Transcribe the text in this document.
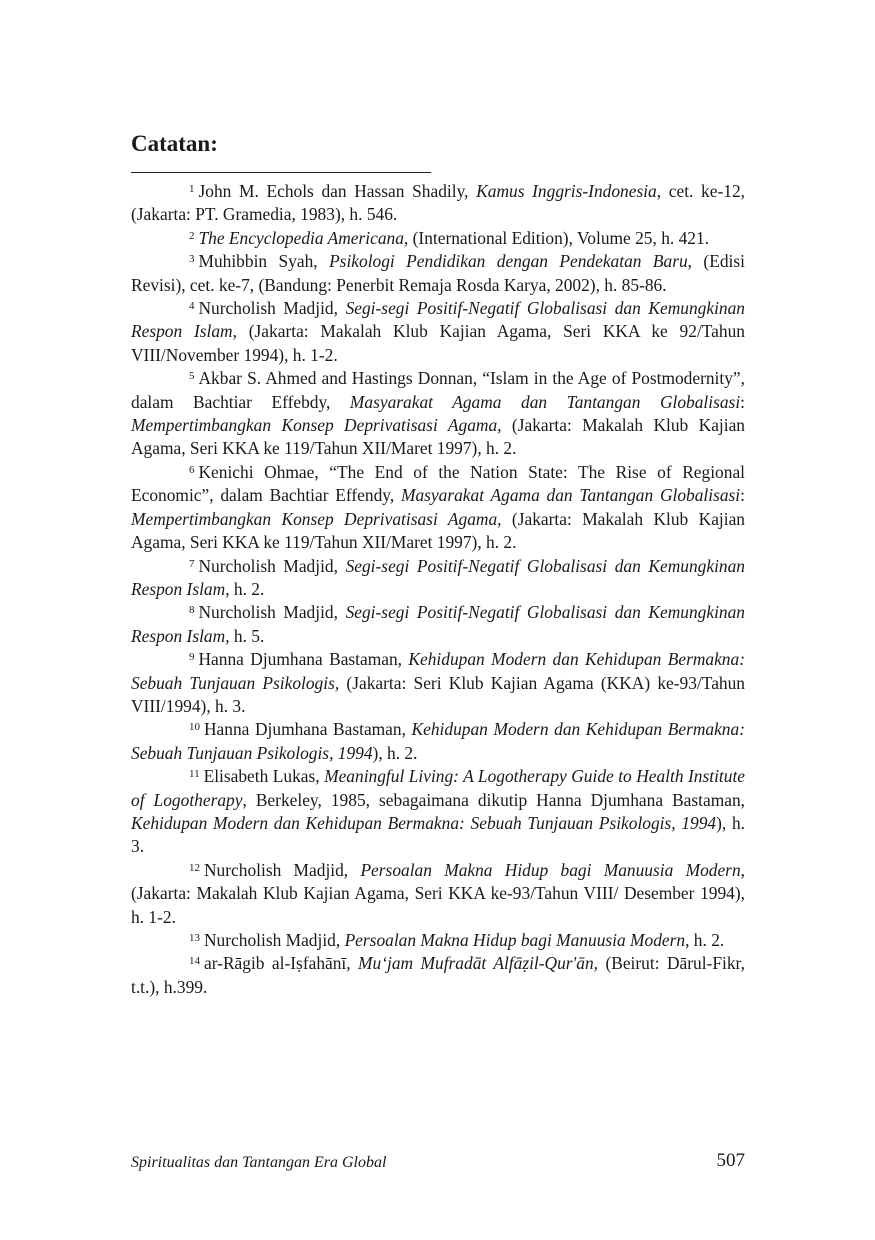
Catatan:

$^1$ John M. Echols dan Hassan Shadily, Kamus Inggris-Indonesia, cet. ke-12, (Jakarta: PT. Gramedia, 1983), h. 546.

$^2$ The Encyclopedia Americana, (International Edition), Volume 25, h. 421.

$^3$ Muhibbin Syah, Psikologi Pendidikan dengan Pendekatan Baru, (Edisi Revisi), cet. ke-7, (Bandung: Penerbit Remaja Rosda Karya, 2002), h. 85-86.

$^4$ Nurcholish Madjid, Segi-segi Positif-Negatif Globalisasi dan Kemungkinan Respon Islam, (Jakarta: Makalah Klub Kajian Agama, Seri KKA ke 92/Tahun VIII/November 1994), h. 1-2.

$^5$ Akbar S. Ahmed and Hastings Donnan, “Islam in the Age of Postmodernity”, dalam Bachtiar Effebdy, Masyarakat Agama dan Tantangan Globalisasi: Mempertimbangkan Konsep Deprivatisasi Agama, (Jakarta: Makalah Klub Kajian Agama, Seri KKA ke 119/Tahun XII/Maret 1997), h. 2.

$^6$ Kenichi Ohmae, “The End of the Nation State: The Rise of Regional Economic”, dalam Bachtiar Effendy, Masyarakat Agama dan Tantangan Globalisasi: Mempertimbangkan Konsep Deprivatisasi Agama, (Jakarta: Makalah Klub Kajian Agama, Seri KKA ke 119/Tahun XII/Maret 1997), h. 2.

$^7$ Nurcholish Madjid, Segi-segi Positif-Negatif Globalisasi dan Kemungkinan Respon Islam, h. 2.

$^8$ Nurcholish Madjid, Segi-segi Positif-Negatif Globalisasi dan Kemungkinan Respon Islam, h. 5.

$^9$ Hanna Djumhana Bastaman, Kehidupan Modern dan Kehidupan Bermakna: Sebuah Tunjauan Psikologis, (Jakarta: Seri Klub Kajian Agama (KKA) ke-93/Tahun VIII/1994), h. 3.

$^{10}$ Hanna Djumhana Bastaman, Kehidupan Modern dan Kehidupan Bermakna: Sebuah Tunjauan Psikologis, 1994), h. 2.

$^{11}$ Elisabeth Lukas, Meaningful Living: A Logotherapy Guide to Health Institute of Logotherapy, Berkeley, 1985, sebagaimana dikutip Hanna Djumhana Bastaman, Kehidupan Modern dan Kehidupan Bermakna: Sebuah Tunjauan Psikologis, 1994), h. 3.

$^{12}$ Nurcholish Madjid, Persoalan Makna Hidup bagi Manuusia Modern, (Jakarta: Makalah Klub Kajian Agama, Seri KKA ke-93/Tahun VIII/ Desember 1994), h. 1-2.

$^{13}$ Nurcholish Madjid, Persoalan Makna Hidup bagi Manuusia Modern, h. 2.

$^{14}$ ar-Rāgib al-Iṣfahānī, Mu‘jam Mufradāt Alfāẓil-Qur'ān, (Beirut: Dārul-Fikr, t.t.), h.399.

Spiritualitas dan Tantangan Era Global	507
